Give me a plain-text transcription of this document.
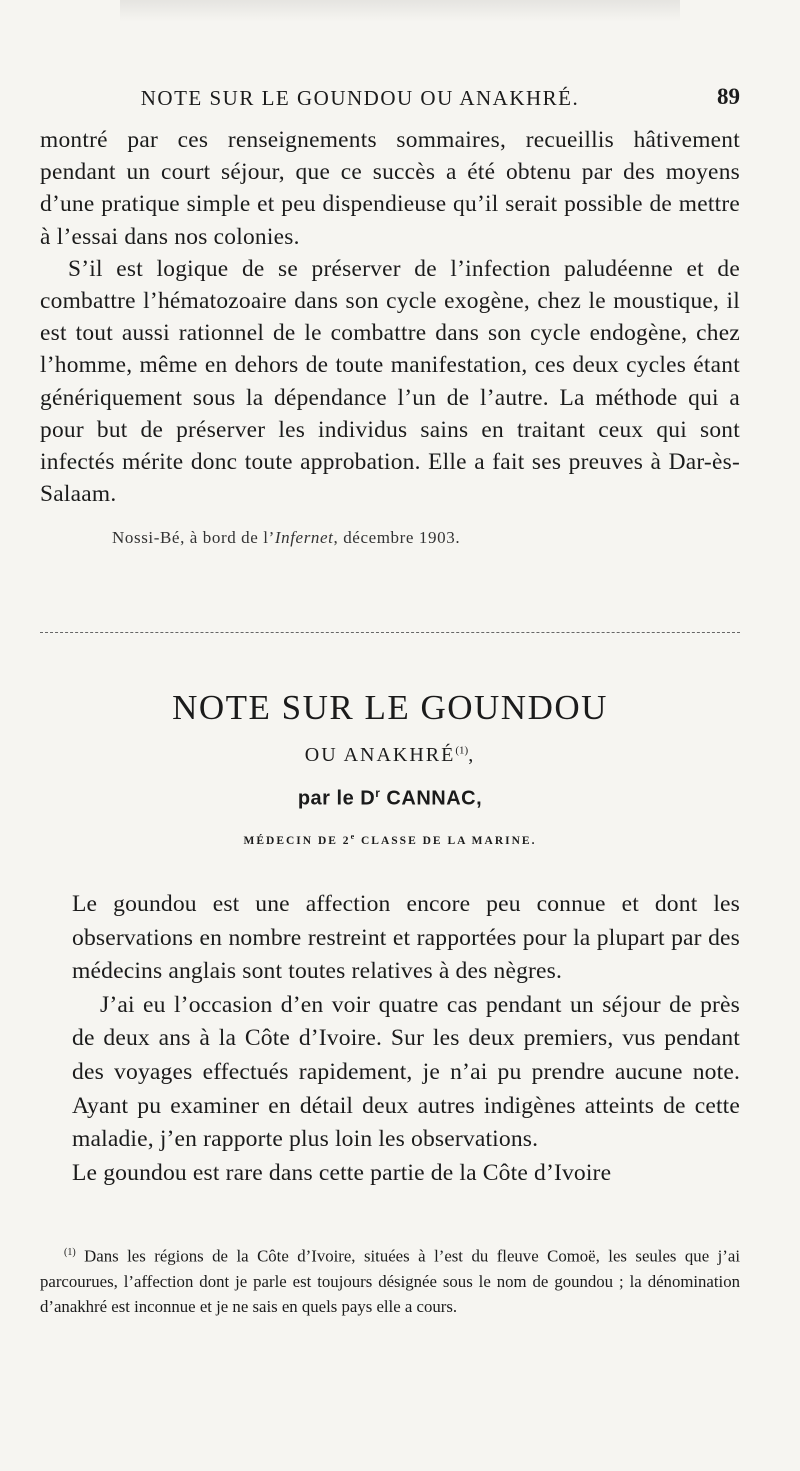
NOTE SUR LE GOUNDOU OU ANAKHRÉ.	89

montré par ces renseignements sommaires, recueillis hâtivement pendant un court séjour, que ce succès a été obtenu par des moyens d’une pratique simple et peu dispendieuse qu’il serait possible de mettre à l’essai dans nos colonies.

S’il est logique de se préserver de l’infection paludéenne et de combattre l’hématozoaire dans son cycle exogène, chez le moustique, il est tout aussi rationnel de le combattre dans son cycle endogène, chez l’homme, même en dehors de toute manifestation, ces deux cycles étant génériquement sous la dépendance l’un de l’autre. La méthode qui a pour but de préserver les individus sains en traitant ceux qui sont infectés mérite donc toute approbation. Elle a fait ses preuves à Dar-ès-Salaam.

Nossi-Bé, à bord de l’Infernet, décembre 1903.
NOTE SUR LE GOUNDOU
OU ANAKHRÉ$^{(1)}$,
par le $D^r$ CANNAC,
MÉDECIN DE 2e CLASSE DE LA MARINE.

Le goundou est une affection encore peu connue et dont les observations en nombre restreint et rapportées pour la plupart par des médecins anglais sont toutes relatives à des nègres.

J’ai eu l’occasion d’en voir quatre cas pendant un séjour de près de deux ans à la Côte d’Ivoire. Sur les deux premiers, vus pendant des voyages effectués rapidement, je n’ai pu prendre aucune note. Ayant pu examiner en détail deux autres indigènes atteints de cette maladie, j’en rapporte plus loin les observations.

Le goundou est rare dans cette partie de la Côte d’Ivoire

$^{(1)}$ Dans les régions de la Côte d’Ivoire, situées à l’est du fleuve Comoë, les seules que j’ai parcourues, l’affection dont je parle est toujours désignée sous le nom de goundou ; la dénomination d’anakhré est inconnue et je ne sais en quels pays elle a cours.
